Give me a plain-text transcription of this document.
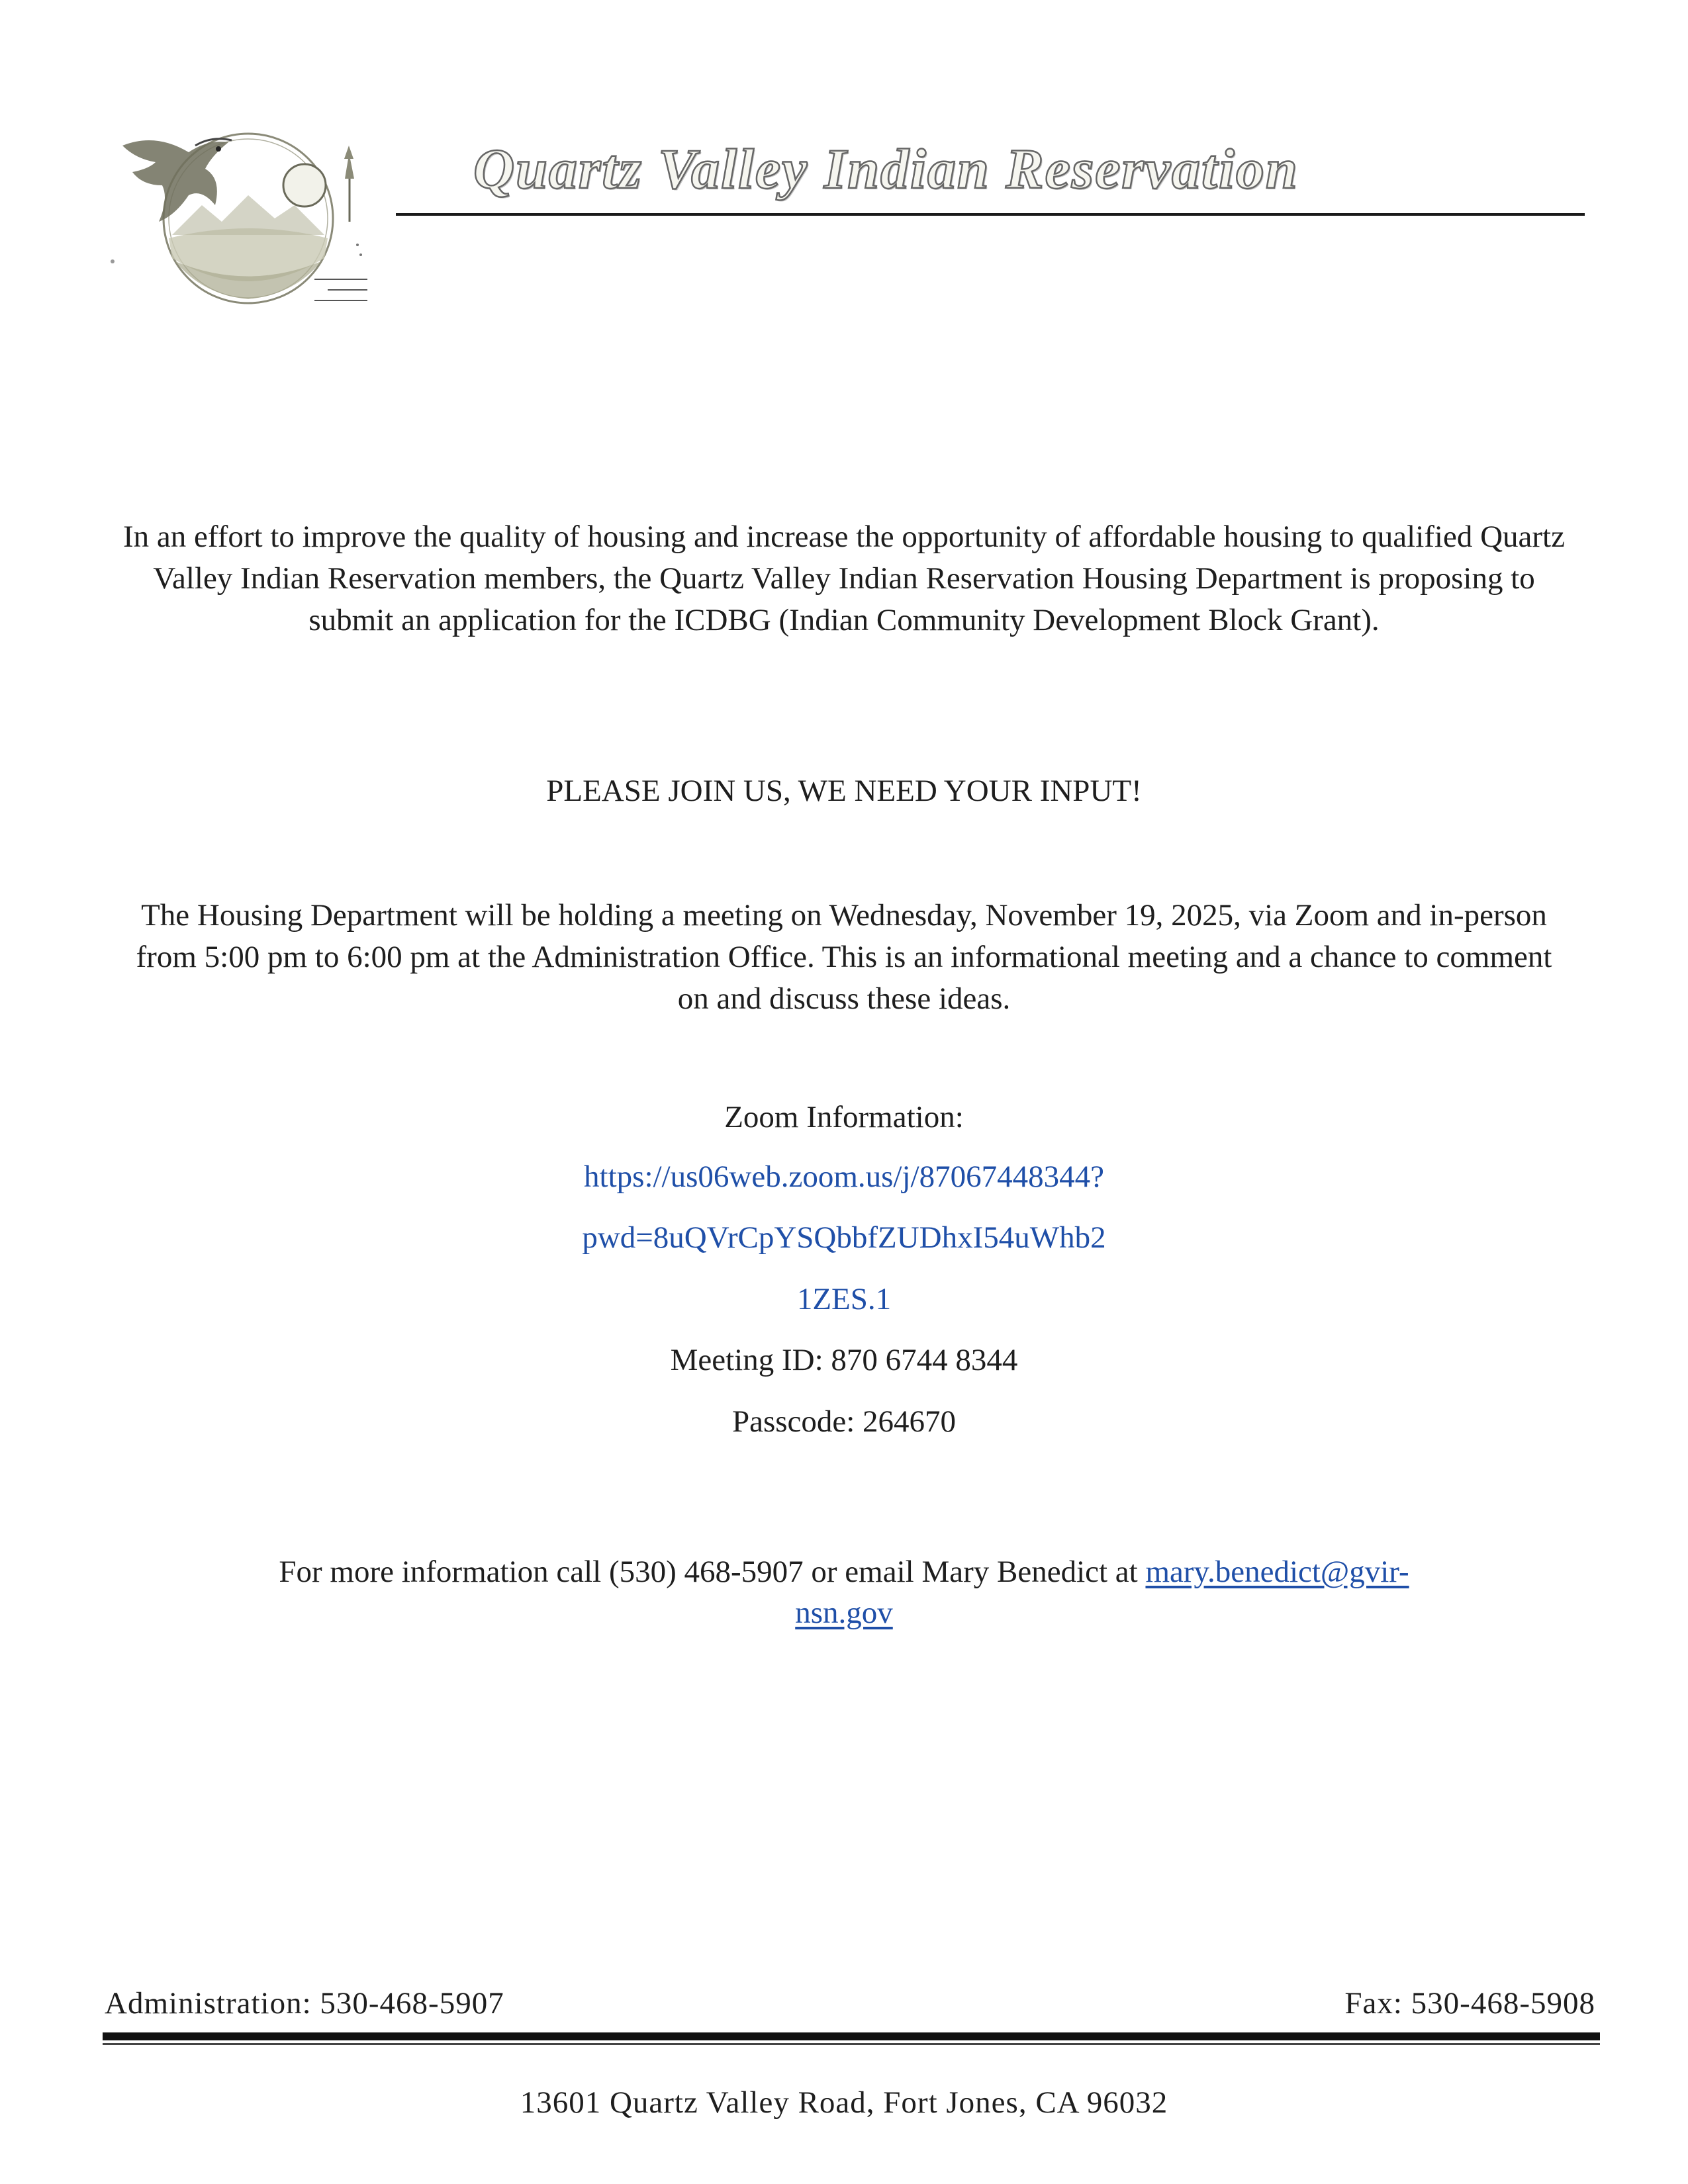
Quartz Valley Indian Reservation

In an effort to improve the quality of housing and increase the opportunity of affordable housing to qualified Quartz Valley Indian Reservation members, the Quartz Valley Indian Reservation Housing Department is proposing to submit an application for the ICDBG (Indian Community Development Block Grant).

PLEASE JOIN US, WE NEED YOUR INPUT!

The Housing Department will be holding a meeting on Wednesday, November 19, 2025, via Zoom and in-person from 5:00 pm to 6:00 pm at the Administration Office. This is an informational meeting and a chance to comment on and discuss these ideas.

Zoom Information:
https://us06web.zoom.us/j/87067448344?
pwd=8uQVrCpYSQbbfZUDhxI54uWhb2
1ZES.1
Meeting ID: 870 6744 8344
Passcode: 264670
For more information call (530) 468-5907 or email Mary Benedict at mary.benedict@gvir-
nsn.gov
Administration: 530-468-5907	Fax: 530-468-5908
13601 Quartz Valley Road, Fort Jones, CA 96032
